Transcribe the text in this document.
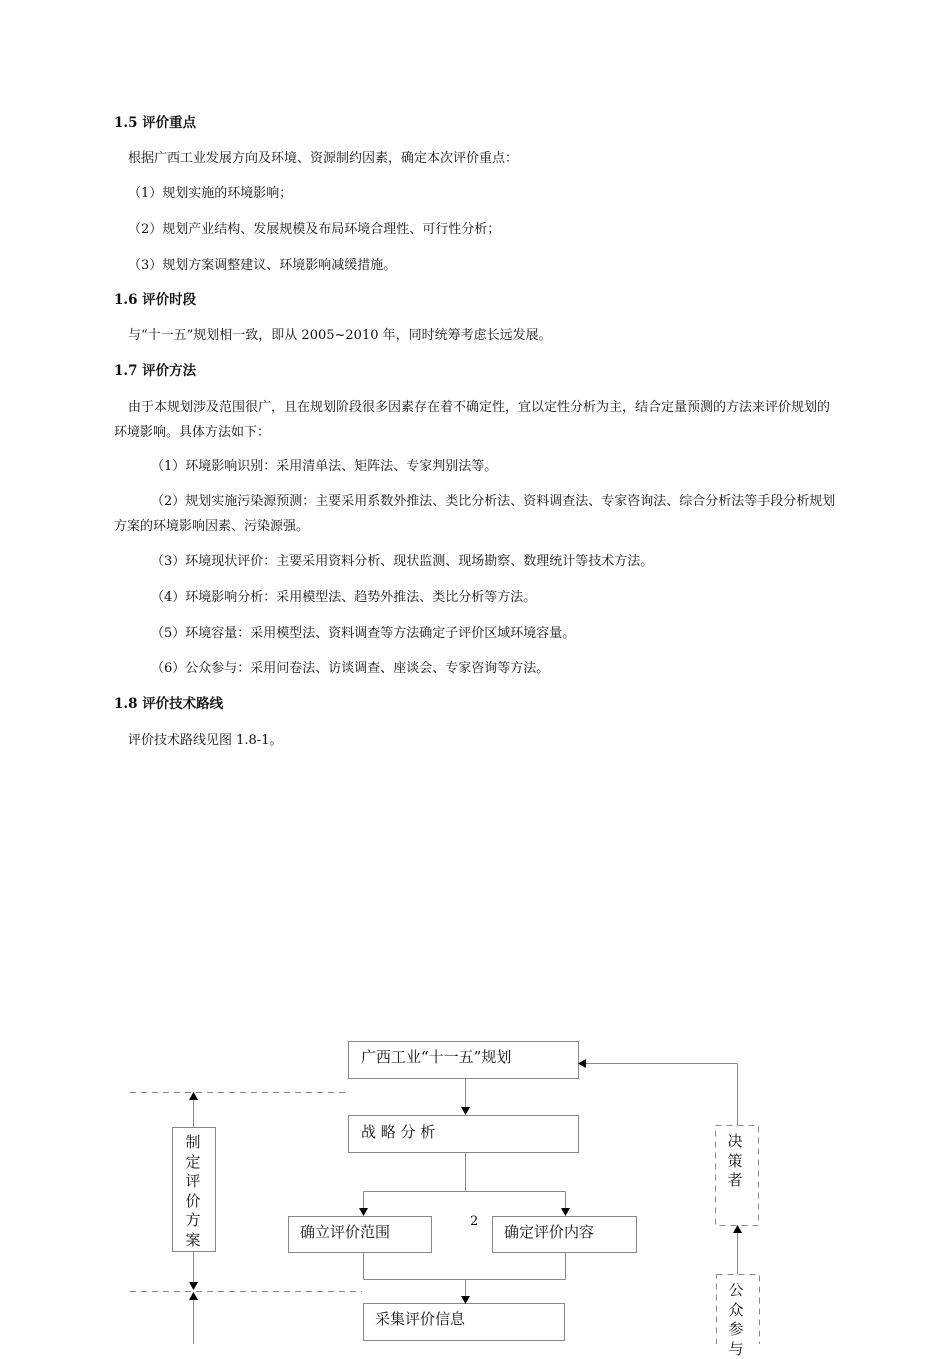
1.5 评价重点
根据广西工业发展方向及环境、资源制约因素，确定本次评价重点：
（1）规划实施的环境影响；
（2）规划产业结构、发展规模及布局环境合理性、可行性分析；
（3）规划方案调整建议、环境影响减缓措施。
1.6 评价时段
与“十一五”规划相一致，即从 2005~2010 年，同时统筹考虑长远发展。
1.7 评价方法
由于本规划涉及范围很广，且在规划阶段很多因素存在着不确定性，宜以定性分析为主，结合定量预测的方法来评价规划的环境影响。具体方法如下：
（1）环境影响识别：采用清单法、矩阵法、专家判别法等。
（2）规划实施污染源预测：主要采用系数外推法、类比分析法、资料调查法、专家咨询法、综合分析法等手段分析规划方案的环境影响因素、污染源强。
（3）环境现状评价：主要采用资料分析、现状监测、现场勘察、数理统计等技术方法。
（4）环境影响分析：采用模型法、趋势外推法、类比分析等方法。
（5）环境容量：采用模型法、资料调查等方法确定子评价区域环境容量。
（6）公众参与：采用问卷法、访谈调查、座谈会、专家咨询等方法。
1.8 评价技术路线
评价技术路线见图 1.8-1。
广西工业“十一五”规划
战 略 分 析
确立评价范围	确定评价内容
采集评价信息
制定评价方案
决策者
公众参与
2
